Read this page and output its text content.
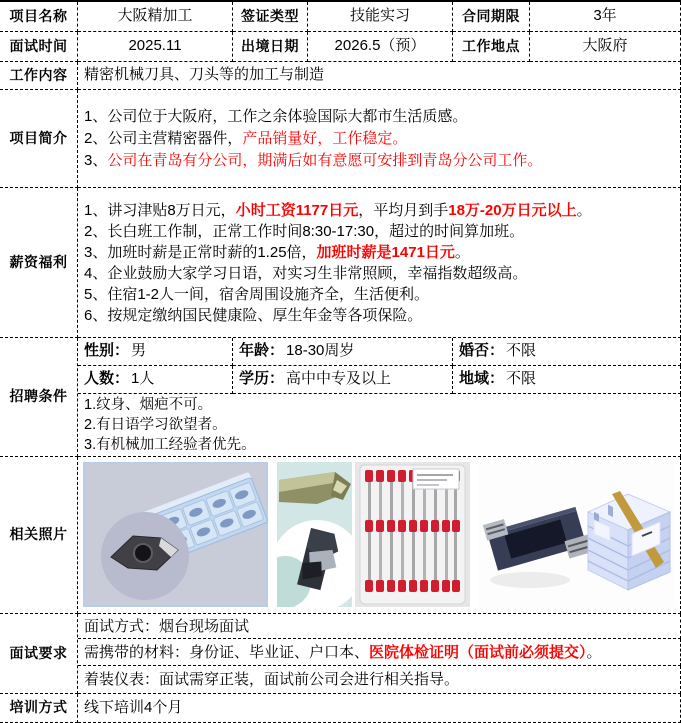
项目名称	大阪精加工	签证类型	技能实习	合同期限	3年
面试时间	2025.11	出境日期	2026.5（预）	工作地点	大阪府
工作内容	精密机械刀具、刀头等的加工与制造
项目简介
1、公司位于大阪府，工作之余体验国际大都市生活质感。
2、公司主营精密器件，产品销量好，工作稳定。
3、公司在青岛有分公司，期满后如有意愿可安排到青岛分公司工作。
薪资福利
1、讲习津贴8万日元，小时工资1177日元，平均月到手18万-20万日元以上。
2、长白班工作制，正常工作时间8:30-17:30，超过的时间算加班。
3、加班时薪是正常时薪的1.25倍，加班时薪是1471日元。
4、企业鼓励大家学习日语，对实习生非常照顾，幸福指数超级高。
5、住宿1-2人一间，宿舍周围设施齐全，生活便利。
6、按规定缴纳国民健康险、厚生年金等各项保险。
招聘条件
性别： 男	年龄： 18-30周岁	婚否： 不限
人数： 1人	学历： 高中中专及以上	地域： 不限
1.纹身、烟疤不可。
2.有日语学习欲望者。
3.有机械加工经验者优先。
相关照片
面试要求
面试方式：烟台现场面试
需携带的材料：身份证、毕业证、户口本、医院体检证明（面试前必须提交）。
着装仪表：面试需穿正装，面试前公司会进行相关指导。
培训方式	线下培训4个月
